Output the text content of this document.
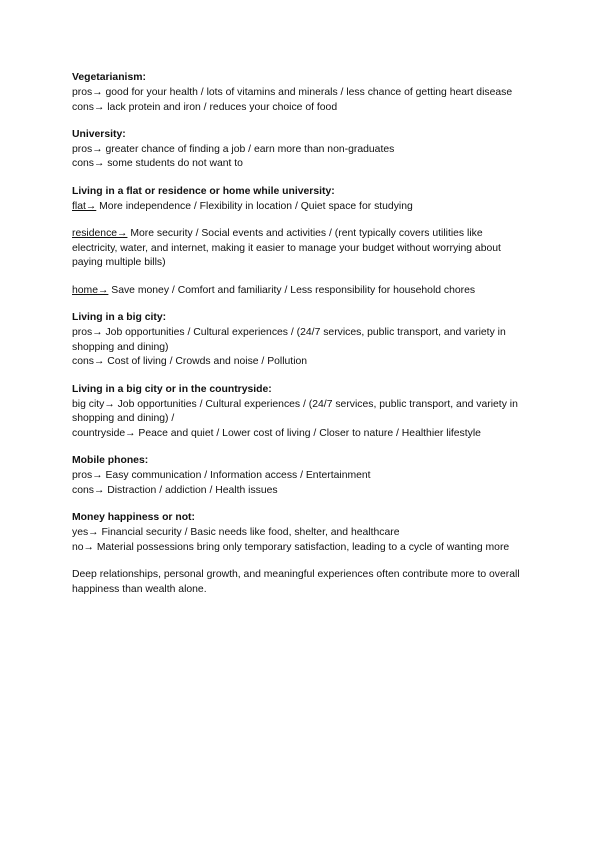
Vegetarianism:
pros→ good for your health / lots of vitamins and minerals / less chance of getting heart disease
cons→ lack protein and iron / reduces your choice of food
University:
pros→ greater chance of finding a job / earn more than non-graduates
cons→ some students do not want to
Living in a flat or residence or home while university:

flat→ More independence / Flexibility in location / Quiet space for studying

residence→ More security / Social events and activities / (rent typically covers utilities like electricity, water, and internet, making it easier to manage your budget without worrying about paying multiple bills)

home→ Save money / Comfort and familiarity / Less responsibility for household chores

Living in a big city:
pros→ Job opportunities / Cultural experiences / (24/7 services, public transport, and variety in shopping and dining)
cons→ Cost of living / Crowds and noise / Pollution
Living in a big city or in the countryside:
big city→ Job opportunities / Cultural experiences / (24/7 services, public transport, and variety in shopping and dining) /
countryside→ Peace and quiet / Lower cost of living / Closer to nature / Healthier lifestyle
Mobile phones:
pros→ Easy communication / Information access / Entertainment
cons→ Distraction / addiction / Health issues
Money happiness or not:
yes→ Financial security / Basic needs like food, shelter, and healthcare
no→ Material possessions bring only temporary satisfaction, leading to a cycle of wanting more

Deep relationships, personal growth, and meaningful experiences often contribute more to overall happiness than wealth alone.
